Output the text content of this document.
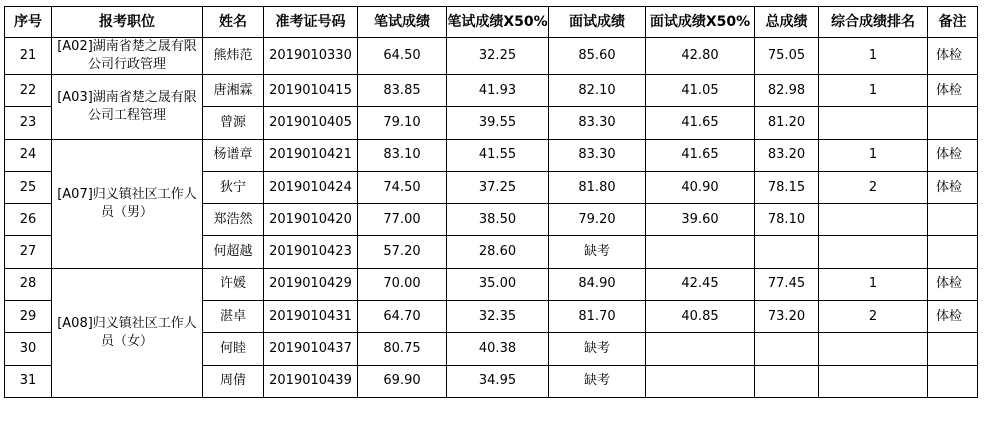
序号	报考职位	姓名	准考证号码	笔试成绩	笔试成绩X50%	面试成绩	面试成绩X50%	总成绩	综合成绩排名	备注
21	[A02]湖南省楚之晟有限公司行政管理	熊炜范	2019010330	64.50	32.25	85.60	42.80	75.05	1	体检
22	[A03]湖南省楚之晟有限公司工程管理	唐湘霖	2019010415	83.85	41.93	82.10	41.05	82.98	1	体检
23		曾源	2019010405	79.10	39.55	83.30	41.65	81.20		
24	[A07]归义镇社区工作人员（男）	杨谱章	2019010421	83.10	41.55	83.30	41.65	83.20	1	体检
25		狄宁	2019010424	74.50	37.25	81.80	40.90	78.15	2	体检
26		郑浩然	2019010420	77.00	38.50	79.20	39.60	78.10		
27		何超越	2019010423	57.20	28.60	缺考				
28	[A08]归义镇社区工作人员（女）	许媛	2019010429	70.00	35.00	84.90	42.45	77.45	1	体检
29		湛卓	2019010431	64.70	32.35	81.70	40.85	73.20	2	体检
30		何睦	2019010437	80.75	40.38	缺考				
31		周倩	2019010439	69.90	34.95	缺考				
